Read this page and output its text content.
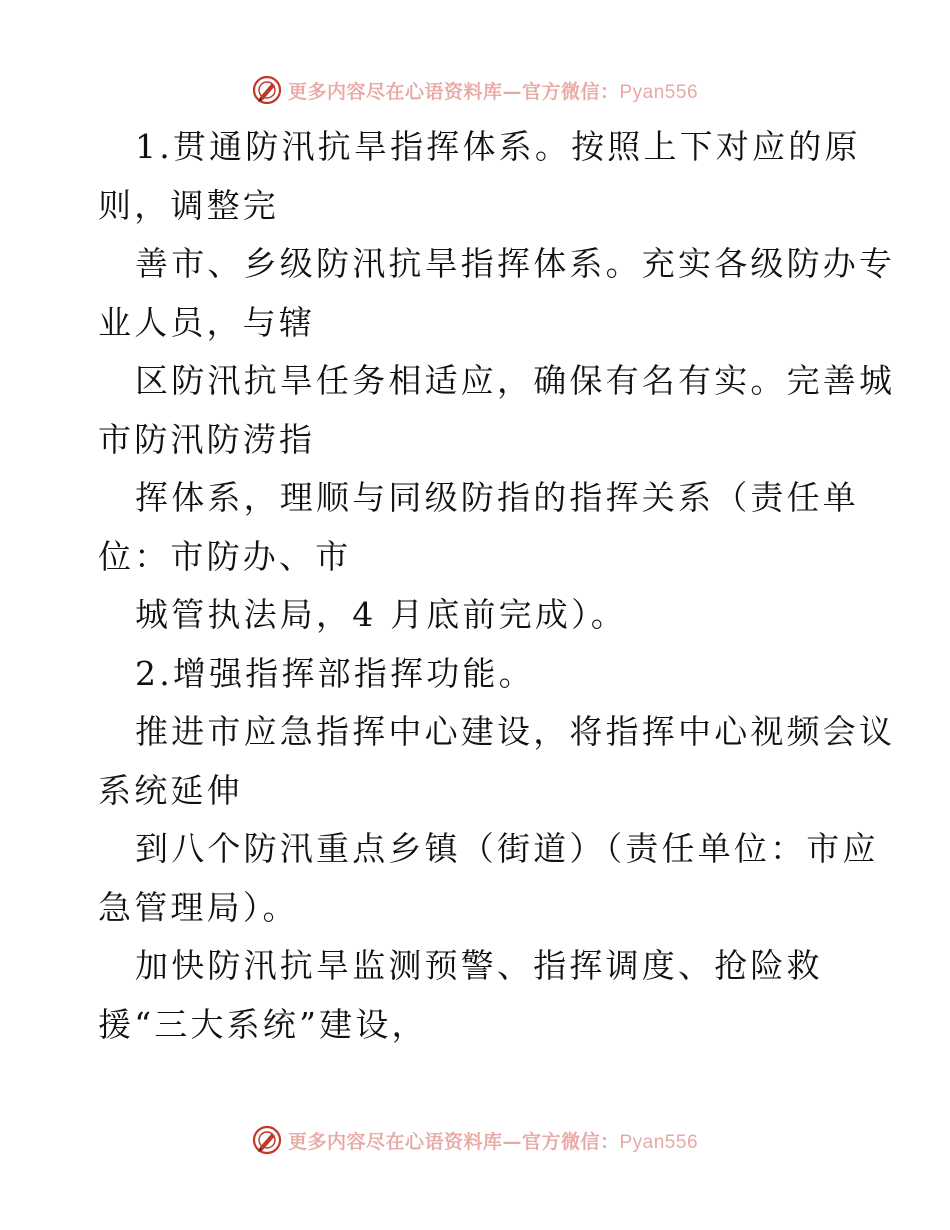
更多内容尽在心语资料库—官方微信：Pyan556
1.贯通防汛抗旱指挥体系。按照上下对应的原
则，调整完
善市、乡级防汛抗旱指挥体系。充实各级防办专
业人员，与辖
区防汛抗旱任务相适应，确保有名有实。完善城
市防汛防涝指
挥体系，理顺与同级防指的指挥关系（责任单
位：市防办、市
城管执法局，4 月底前完成）。
2.增强指挥部指挥功能。
推进市应急指挥中心建设，将指挥中心视频会议
系统延伸
到八个防汛重点乡镇（街道）（责任单位：市应
急管理局）。
加快防汛抗旱监测预警、指挥调度、抢险救
援“三大系统”建设，
更多内容尽在心语资料库—官方微信：Pyan556
